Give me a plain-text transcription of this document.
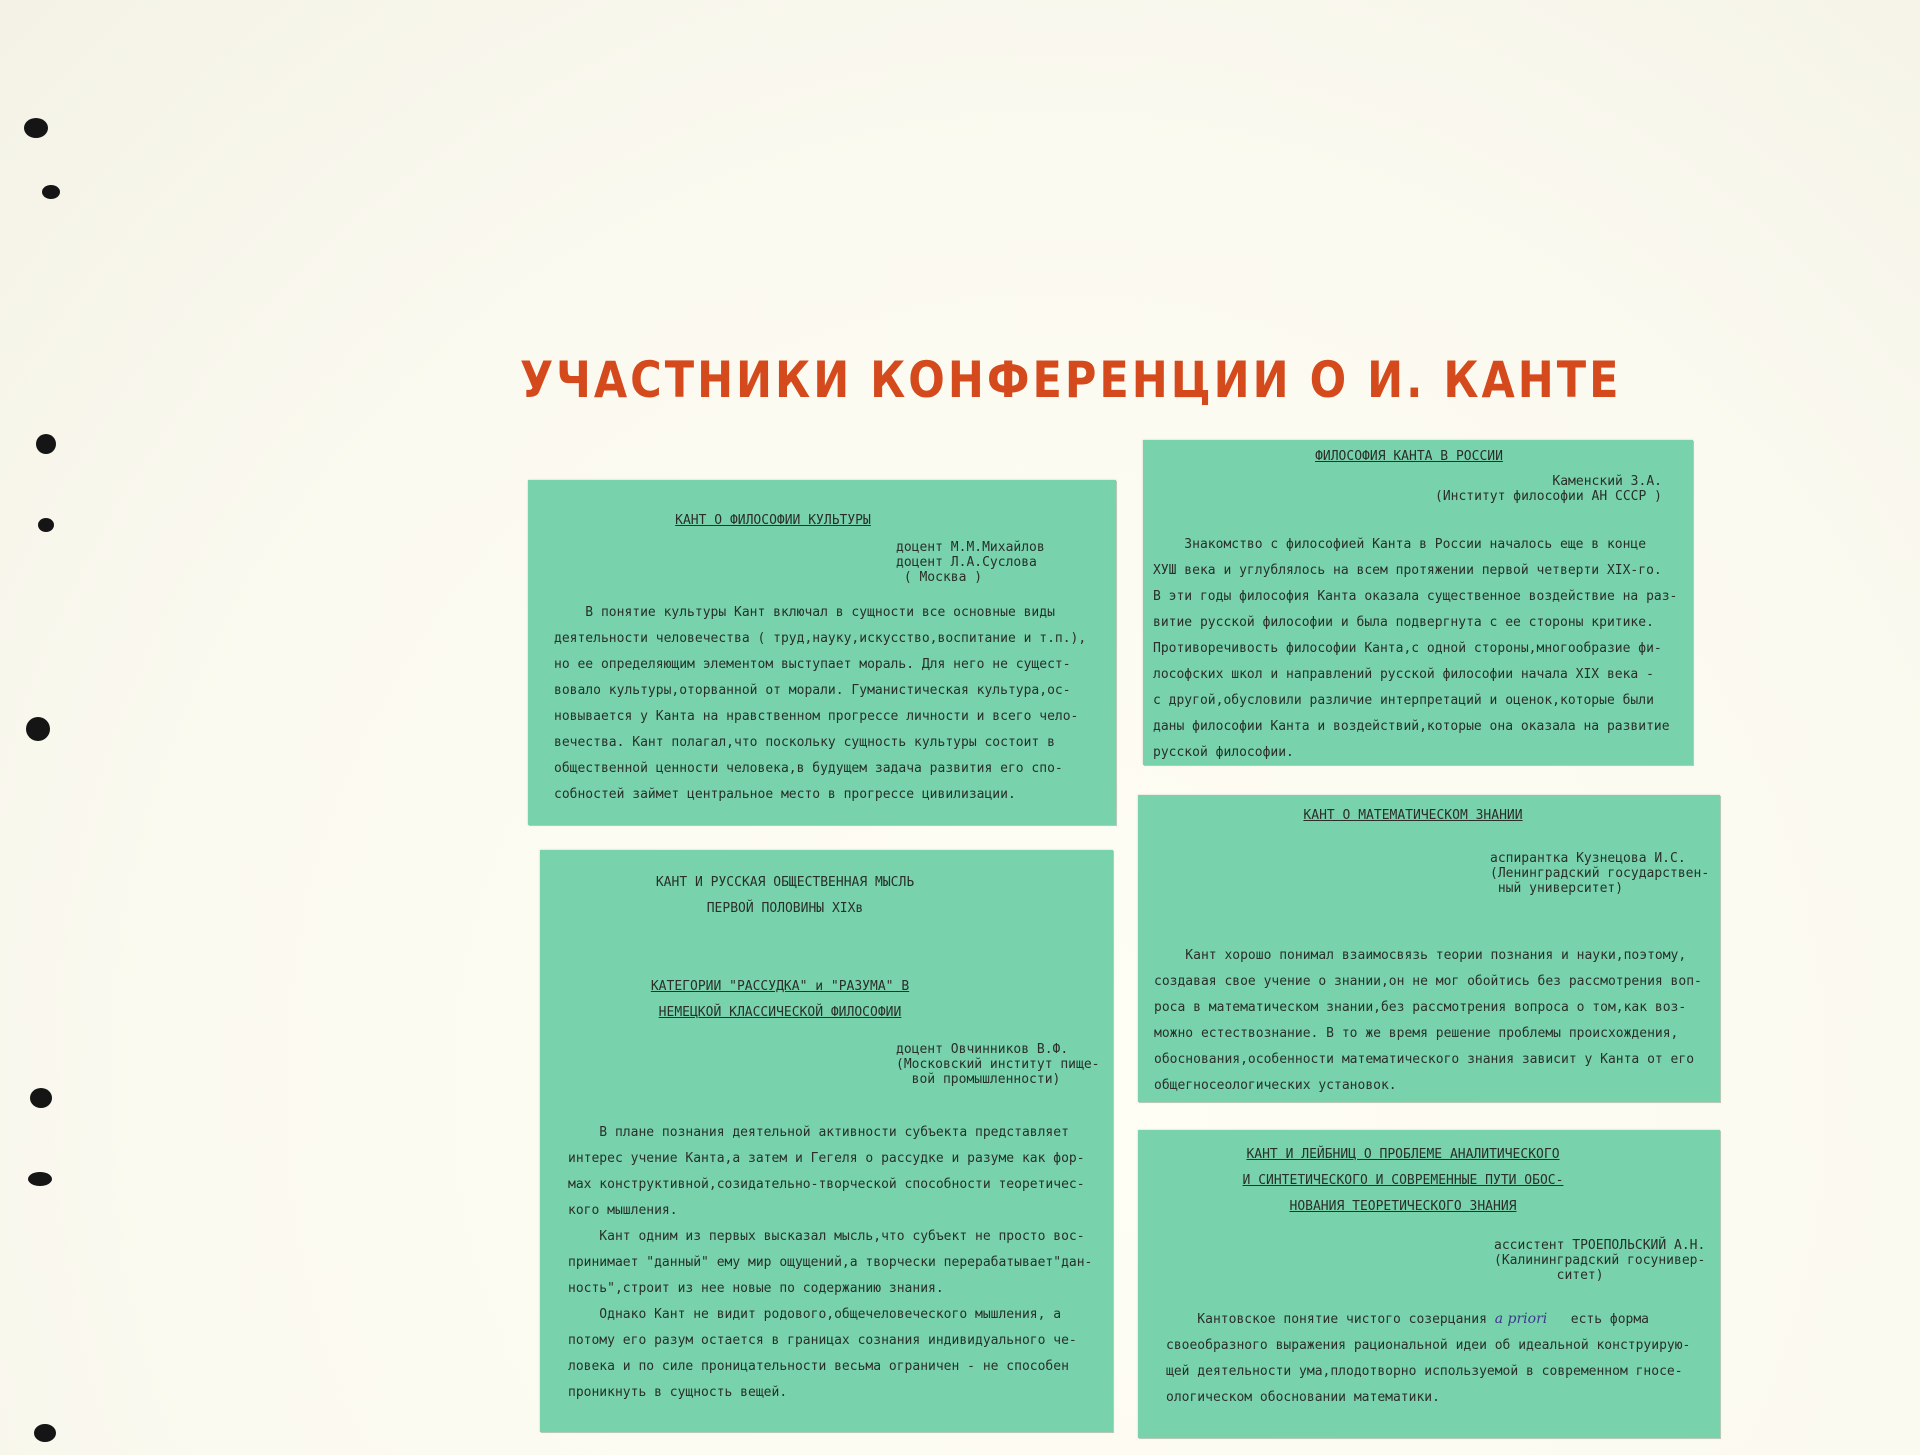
УЧАСТНИКИ КОНФЕРЕНЦИИ О И. КАНТЕ
КАНТ О ФИЛОСОФИИ КУЛЬТУРЫ
доцент М.М.Михайлов
доцент Л.А.Суслова
( Москва )
В понятие культуры Кант включал в сущности все основные виды
деятельности человечества ( труд,науку,искусство,воспитание и т.п.),
но ее определяющим элементом выступает мораль. Для него не сущест-
вовало культуры,оторванной от морали. Гуманистическая культура,ос-
новывается у Канта на нравственном прогрессе личности и всего чело-
вечества. Кант полагал,что поскольку сущность культуры состоит в
общественной ценности человека,в будущем задача развития его спо-
собностей займет центральное место в прогрессе цивилизации.
ФИЛОСОФИЯ КАНТА В РОССИИ
Каменский З.А.
(Институт философии АН СССР )
Знакомство с философией Канта в России началось еще в конце
ХУШ века и углублялось на всем протяжении первой четверти XIX-го.
В эти годы философия Канта оказала существенное воздействие на раз-
витие русской философии и была подвергнута с ее стороны критике.
Противоречивость философии Канта,с одной стороны,многообразие фи-
лософских школ и направлений русской философии начала XIX века -
с другой,обусловили различие интерпретаций и оценок,которые были
даны философии Канта и воздействий,которые она оказала на развитие
русской философии.
КАНТ И РУССКАЯ ОБЩЕСТВЕННАЯ МЫСЛЬ
ПЕРВОЙ ПОЛОВИНЫ XIXв
КАТЕГОРИИ "РАССУДКА" и "РАЗУМА" В
НЕМЕЦКОЙ КЛАССИЧЕСКОЙ ФИЛОСОФИИ
доцент Овчинников В.Ф.
(Московский институт пище-
вой промышленности)
В плане познания деятельной активности субъекта представляет
интерес учение Канта,а затем и Гегеля о рассудке и разуме как фор-
мах конструктивной,созидательно-творческой способности теоретичес-
кого мышления.
Кант одним из первых высказал мысль,что субъект не просто вос-
принимает "данный" ему мир ощущений,а творчески перерабатывает"дан-
ность",строит из нее новые по содержанию знания.
Однако Кант не видит родового,общечеловеческого мышления, а
потому его разум остается в границах сознания индивидуального че-
ловека и по силе проницательности весьма ограничен - не способен
проникнуть в сущность вещей.
КАНТ О МАТЕМАТИЧЕСКОМ ЗНАНИИ
аспирантка Кузнецова И.С.
(Ленинградский государствен-
ный университет)
Кант хорошо понимал взаимосвязь теории познания и науки,поэтому,
создавая свое учение о знании,он не мог обойтись без рассмотрения воп-
роса в математическом знании,без рассмотрения вопроса о том,как воз-
можно естествознание. В то же время решение проблемы происхождения,
обоснования,особенности математического знания зависит у Канта от его
общегносеологических установок.
КАНТ И ЛЕЙБНИЦ О ПРОБЛЕМЕ АНАЛИТИЧЕСКОГО
И СИНТЕТИЧЕСКОГО И СОВРЕМЕННЫЕ ПУТИ ОБОС-
НОВАНИЯ ТЕОРЕТИЧЕСКОГО ЗНАНИЯ
ассистент ТРОЕПОЛЬСКИЙ А.Н.
(Калининградский госунивер-
ситет)
Кантовское понятие чистого созерцания a priori   есть форма
своеобразного выражения рациональной идеи об идеальной конструирую-
щей деятельности ума,плодотворно используемой в современном гносе-
ологическом обосновании математики.
